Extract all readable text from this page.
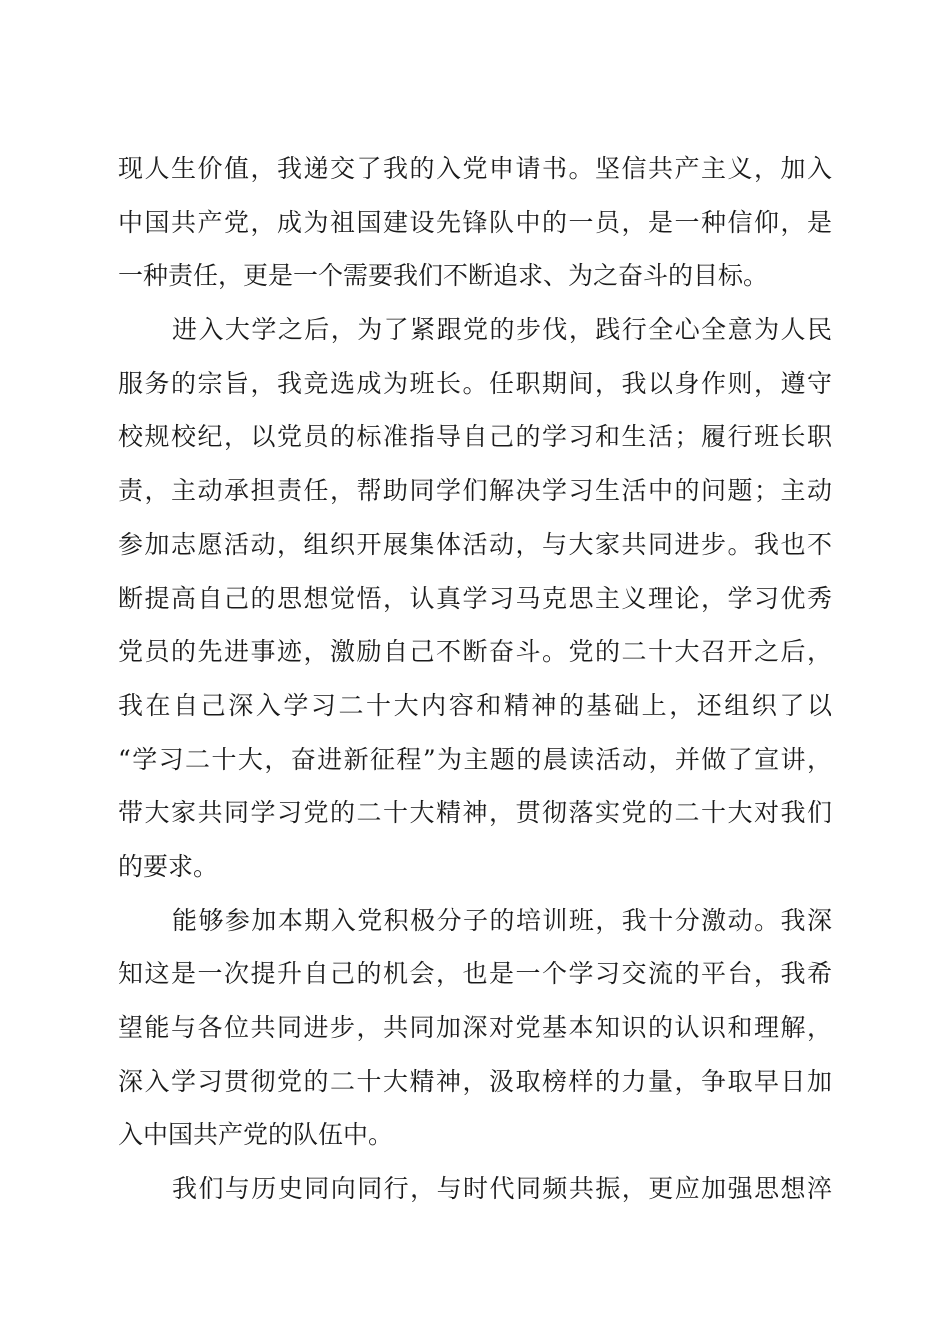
现人生价值，我递交了我的入党申请书。坚信共产主义，加入
中国共产党，成为祖国建设先锋队中的一员，是一种信仰，是
一种责任，更是一个需要我们不断追求、为之奋斗的目标。
进入大学之后，为了紧跟党的步伐，践行全心全意为人民
服务的宗旨，我竞选成为班长。任职期间，我以身作则，遵守
校规校纪，以党员的标准指导自己的学习和生活；履行班长职
责，主动承担责任，帮助同学们解决学习生活中的问题；主动
参加志愿活动，组织开展集体活动，与大家共同进步。我也不
断提高自己的思想觉悟，认真学习马克思主义理论，学习优秀
党员的先进事迹，激励自己不断奋斗。党的二十大召开之后，
我在自己深入学习二十大内容和精神的基础上，还组织了以
“学习二十大，奋进新征程”为主题的晨读活动，并做了宣讲，
带大家共同学习党的二十大精神，贯彻落实党的二十大对我们
的要求。
能够参加本期入党积极分子的培训班，我十分激动。我深
知这是一次提升自己的机会，也是一个学习交流的平台，我希
望能与各位共同进步，共同加深对党基本知识的认识和理解，
深入学习贯彻党的二十大精神，汲取榜样的力量，争取早日加
入中国共产党的队伍中。
我们与历史同向同行，与时代同频共振，更应加强思想淬
